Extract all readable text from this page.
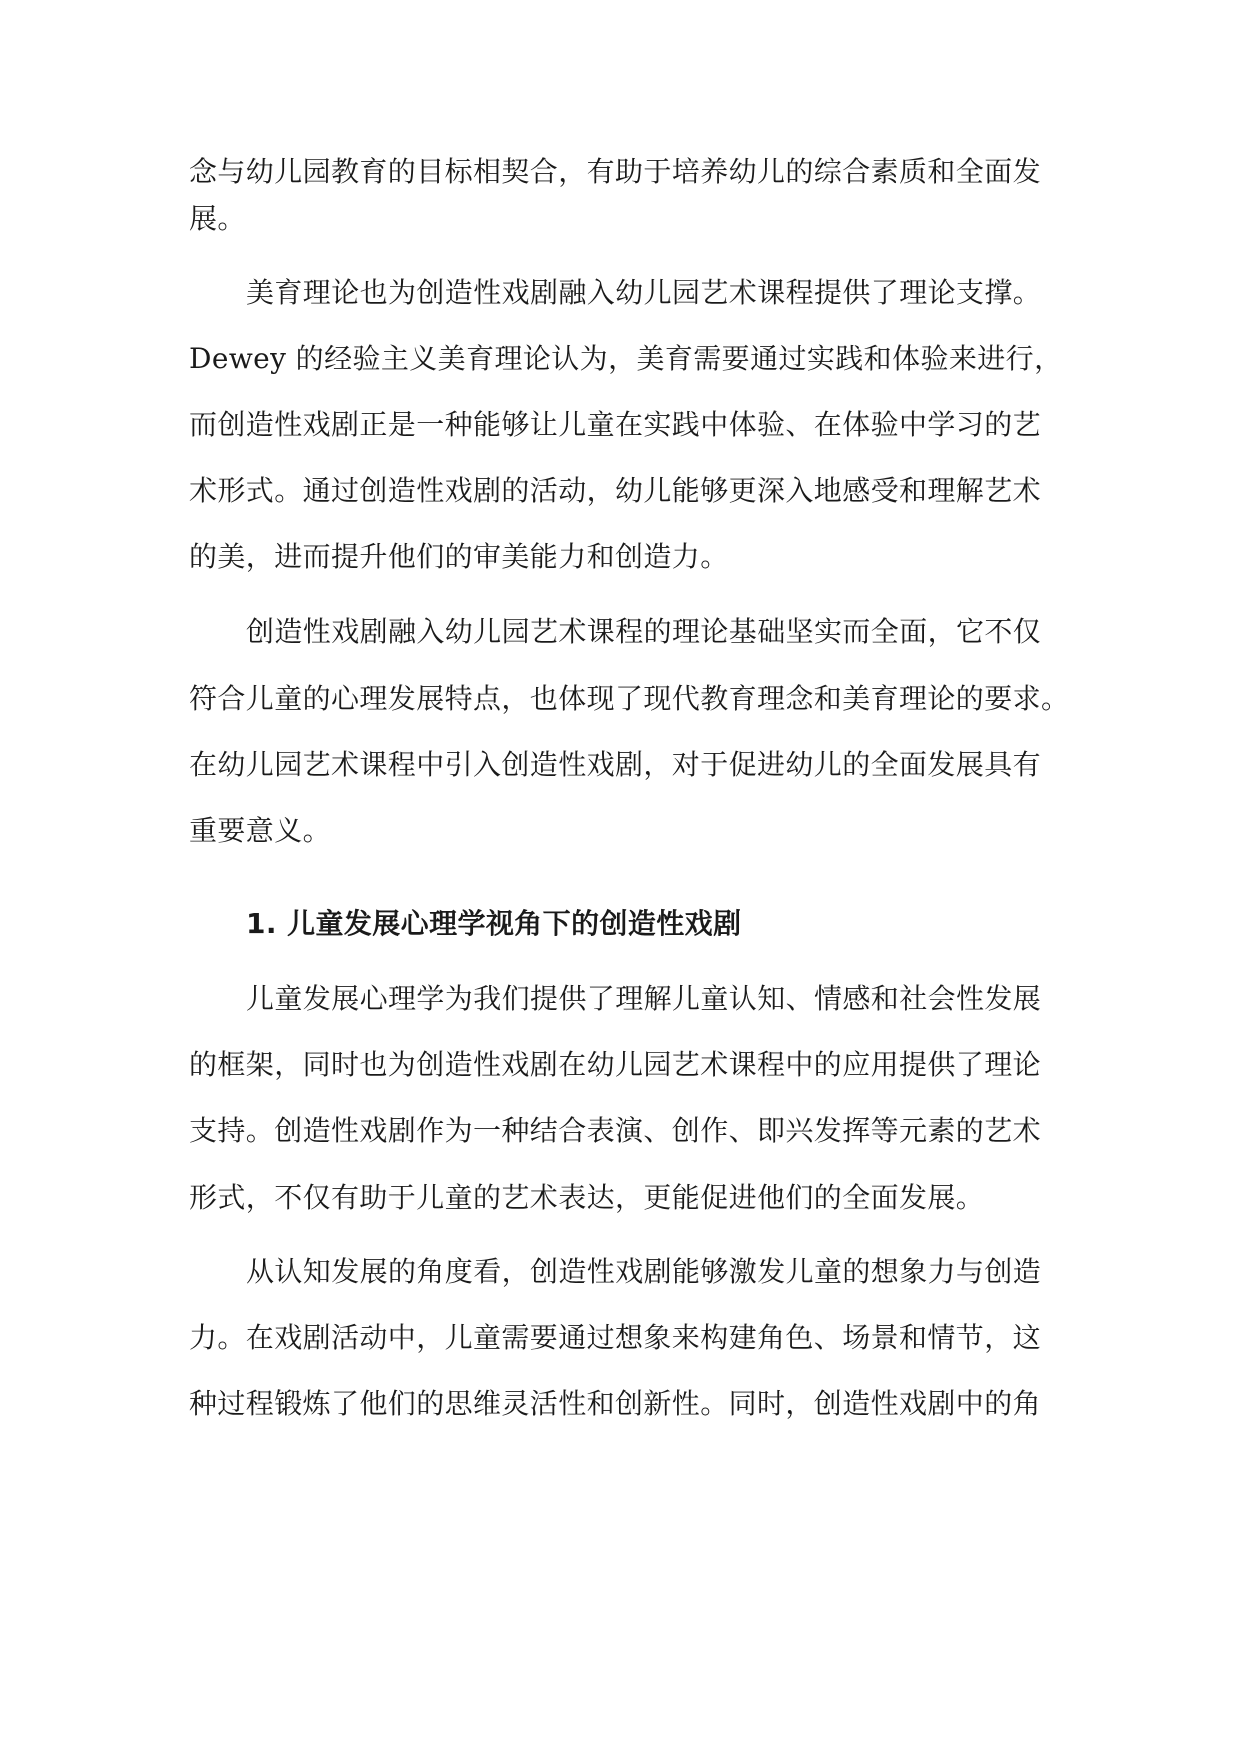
念与幼儿园教育的目标相契合，有助于培养幼儿的综合素质和全面发
展。
美育理论也为创造性戏剧融入幼儿园艺术课程提供了理论支撑。
Dewey 的经验主义美育理论认为，美育需要通过实践和体验来进行，
而创造性戏剧正是一种能够让儿童在实践中体验、在体验中学习的艺
术形式。通过创造性戏剧的活动，幼儿能够更深入地感受和理解艺术
的美，进而提升他们的审美能力和创造力。
创造性戏剧融入幼儿园艺术课程的理论基础坚实而全面，它不仅
符合儿童的心理发展特点，也体现了现代教育理念和美育理论的要求。
在幼儿园艺术课程中引入创造性戏剧，对于促进幼儿的全面发展具有
重要意义。
1. 儿童发展心理学视角下的创造性戏剧
儿童发展心理学为我们提供了理解儿童认知、情感和社会性发展
的框架，同时也为创造性戏剧在幼儿园艺术课程中的应用提供了理论
支持。创造性戏剧作为一种结合表演、创作、即兴发挥等元素的艺术
形式，不仅有助于儿童的艺术表达，更能促进他们的全面发展。
从认知发展的角度看，创造性戏剧能够激发儿童的想象力与创造
力。在戏剧活动中，儿童需要通过想象来构建角色、场景和情节，这
种过程锻炼了他们的思维灵活性和创新性。同时，创造性戏剧中的角
